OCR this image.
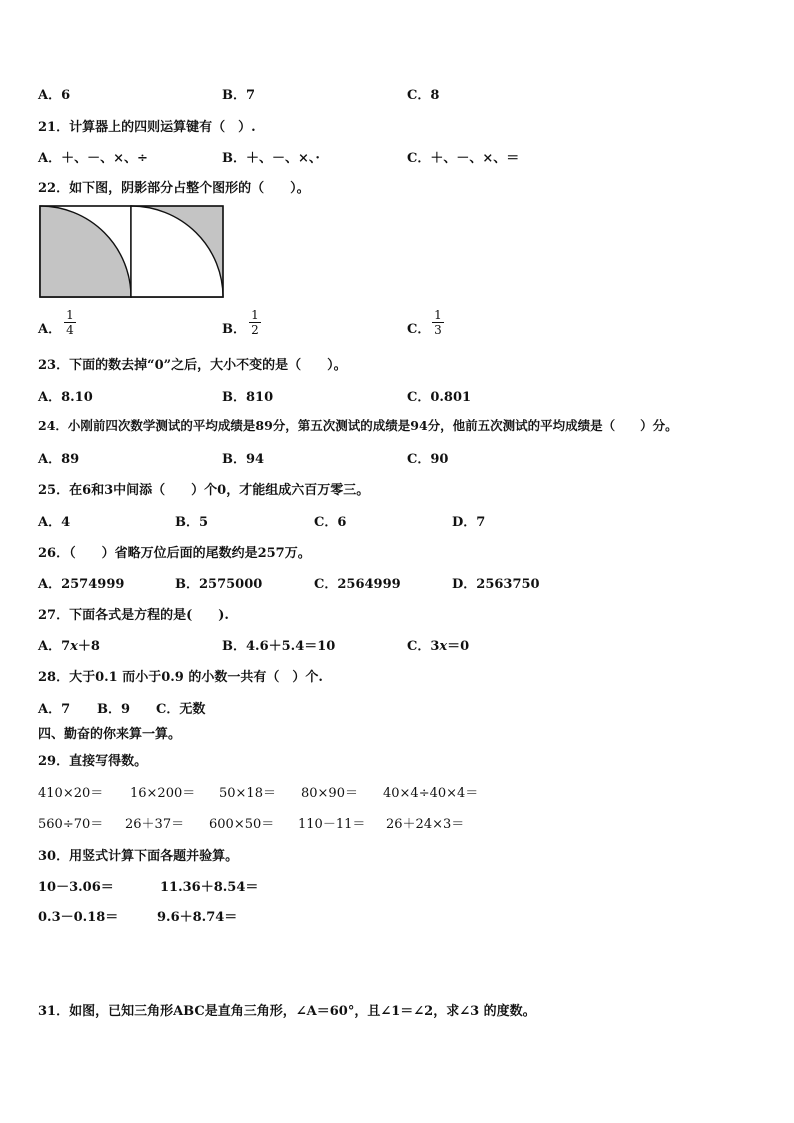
A．6	B．7	C．8
21．计算器上的四则运算键有（　）.
A．＋、－、×、÷	B．＋、－、×、·	C．＋、－、×、＝
22．如下图，阴影部分占整个图形的（　　）。
A． $\frac{1}{4}$	B． $\frac{1}{2}$	C． $\frac{1}{3}$
23．下面的数去掉“0”之后，大小不变的是（　　）。
A．8.10	B．810	C．0.801
24．小刚前四次数学测试的平均成绩是89分，第五次测试的成绩是94分，他前五次测试的平均成绩是（　　）分。
A．89	B．94	C．90
25．在6和3中间添（　　）个0，才能组成六百万零三。
A．4	B．5	C．6	D．7
26．（　　）省略万位后面的尾数约是257万。
A．2574999	B．2575000	C．2564999	D．2563750
27．下面各式是方程的是(　　).
A．7x＋8	B．4.6＋5.4＝10	C．3x＝0
28．大于0.1 而小于0.9 的小数一共有（　）个.
A．7 B．9 C．无数
四、勤奋的你来算一算。
29．直接写得数。
410×20＝ 16×200＝ 50×18＝ 80×90＝ 40×4÷40×4＝
560÷70＝ 26＋37＝ 600×50＝ 110－11＝ 26＋24×3＝
30．用竖式计算下面各题并验算。
10－3.06＝	11.36＋8.54＝
0.3－0.18＝	9.6＋8.74＝
31．如图，已知三角形ABC是直角三角形，∠A＝60°，且∠1＝∠2，求∠3 的度数。
